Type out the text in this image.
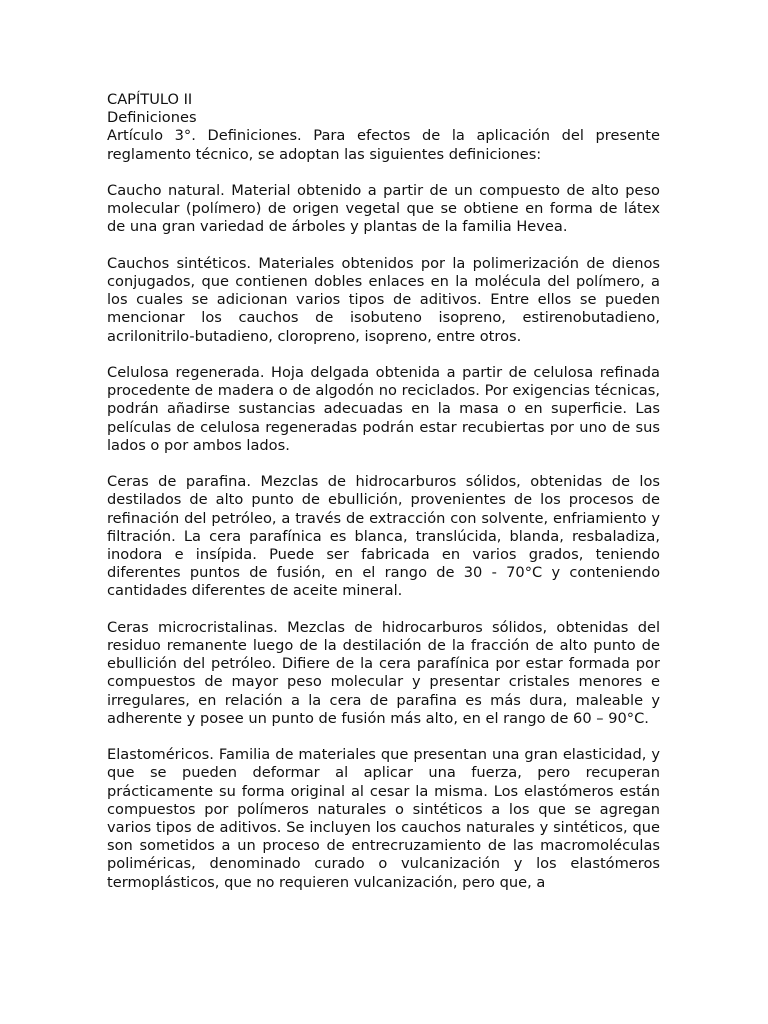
CAPÍTULO II
Definiciones

Artículo 3°. Definiciones. Para efectos de la aplicación del presente reglamento técnico, se adoptan las siguientes definiciones:

Caucho natural. Material obtenido a partir de un compuesto de alto peso molecular (polímero) de origen vegetal que se obtiene en forma de látex de una gran variedad de árboles y plantas de la familia Hevea.

Cauchos sintéticos. Materiales obtenidos por la polimerización de dienos conjugados, que contienen dobles enlaces en la molécula del polímero, a los cuales se adicionan varios tipos de aditivos. Entre ellos se pueden mencionar los cauchos de isobuteno isopreno, estirenobutadieno, acrilonitrilo-butadieno, cloropreno, isopreno, entre otros.

Celulosa regenerada. Hoja delgada obtenida a partir de celulosa refinada procedente de madera o de algodón no reciclados. Por exigencias técnicas, podrán añadirse sustancias adecuadas en la masa o en superficie. Las películas de celulosa regeneradas podrán estar recubiertas por uno de sus lados o por ambos lados.

Ceras de parafina. Mezclas de hidrocarburos sólidos, obtenidas de los destilados de alto punto de ebullición, provenientes de los procesos de refinación del petróleo, a través de extracción con solvente, enfriamiento y filtración. La cera parafínica es blanca, translúcida, blanda, resbaladiza, inodora e insípida. Puede ser fabricada en varios grados, teniendo diferentes puntos de fusión, en el rango de 30 - 70°C y conteniendo cantidades diferentes de aceite mineral.

Ceras microcristalinas. Mezclas de hidrocarburos sólidos, obtenidas del residuo remanente luego de la destilación de la fracción de alto punto de ebullición del petróleo. Difiere de la cera parafínica por estar formada por compuestos de mayor peso molecular y presentar cristales menores e irregulares, en relación a la cera de parafina es más dura, maleable y adherente y posee un punto de fusión más alto, en el rango de 60 – 90°C.

Elastoméricos. Familia de materiales que presentan una gran elasticidad, y que se pueden deformar al aplicar una fuerza, pero recuperan prácticamente su forma original al cesar la misma. Los elastómeros están compuestos por polímeros naturales o sintéticos a los que se agregan varios tipos de aditivos. Se incluyen los cauchos naturales y sintéticos, que son sometidos a un proceso de entrecruzamiento de las macromoléculas poliméricas, denominado curado o vulcanización y los elastómeros termoplásticos, que no requieren vulcanización, pero que, a
